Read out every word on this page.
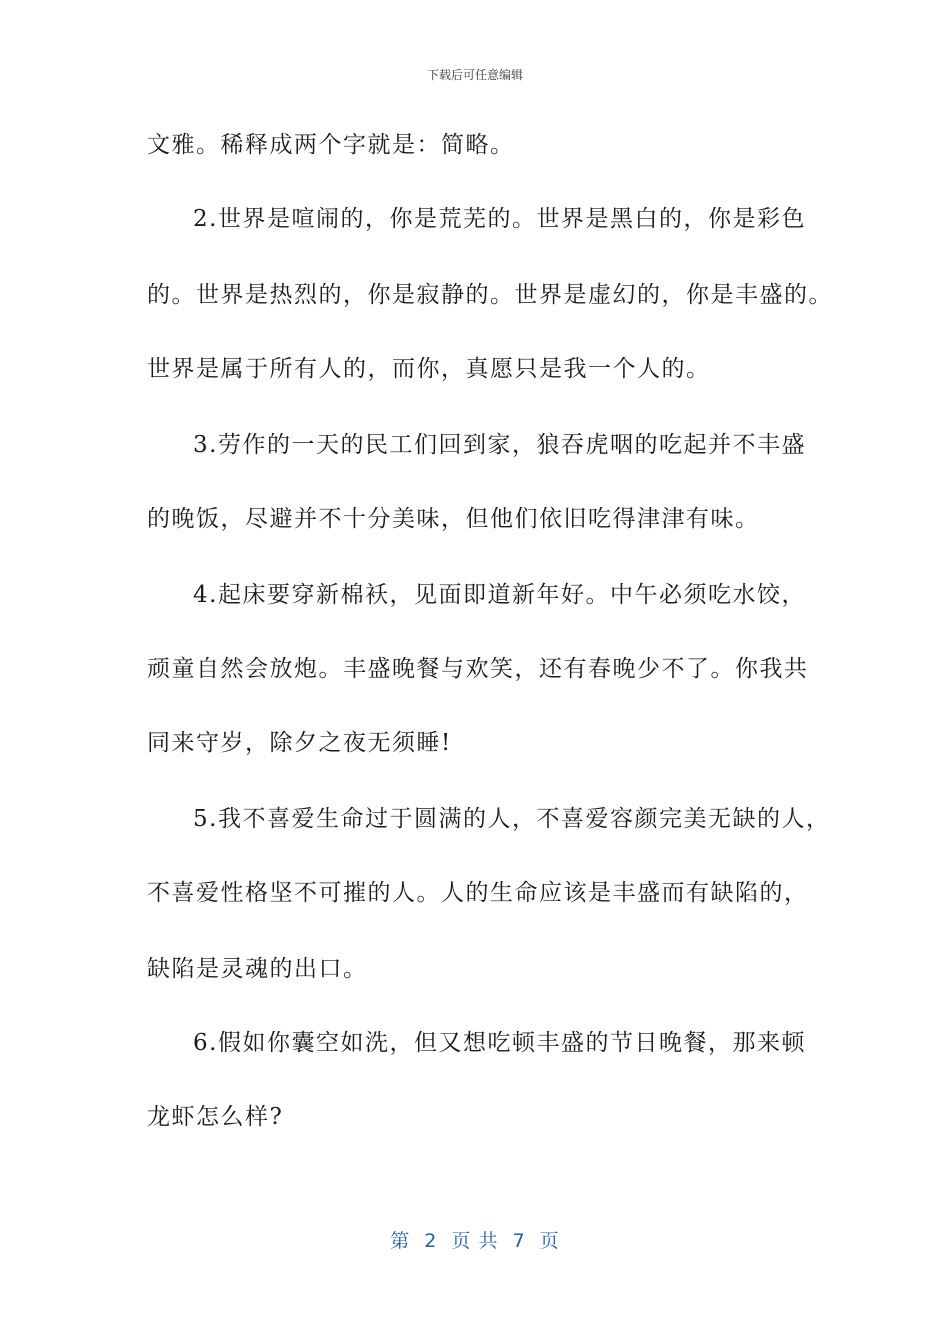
下载后可任意编辑
文雅。稀释成两个字就是：简略。
2.世界是喧闹的，你是荒芜的。世界是黑白的，你是彩色
的。世界是热烈的，你是寂静的。世界是虚幻的，你是丰盛的。
世界是属于所有人的，而你，真愿只是我一个人的。
3.劳作的一天的民工们回到家，狼吞虎咽的吃起并不丰盛
的晚饭，尽避并不十分美味，但他们依旧吃得津津有味。
4.起床要穿新棉袄，见面即道新年好。中午必须吃水饺，
顽童自然会放炮。丰盛晚餐与欢笑，还有春晚少不了。你我共
同来守岁，除夕之夜无须睡!
5.我不喜爱生命过于圆满的人，不喜爱容颜完美无缺的人，
不喜爱性格坚不可摧的人。人的生命应该是丰盛而有缺陷的，
缺陷是灵魂的出口。
6.假如你囊空如洗，但又想吃顿丰盛的节日晚餐，那来顿
龙虾怎么样?
第  2  页 共  7  页
